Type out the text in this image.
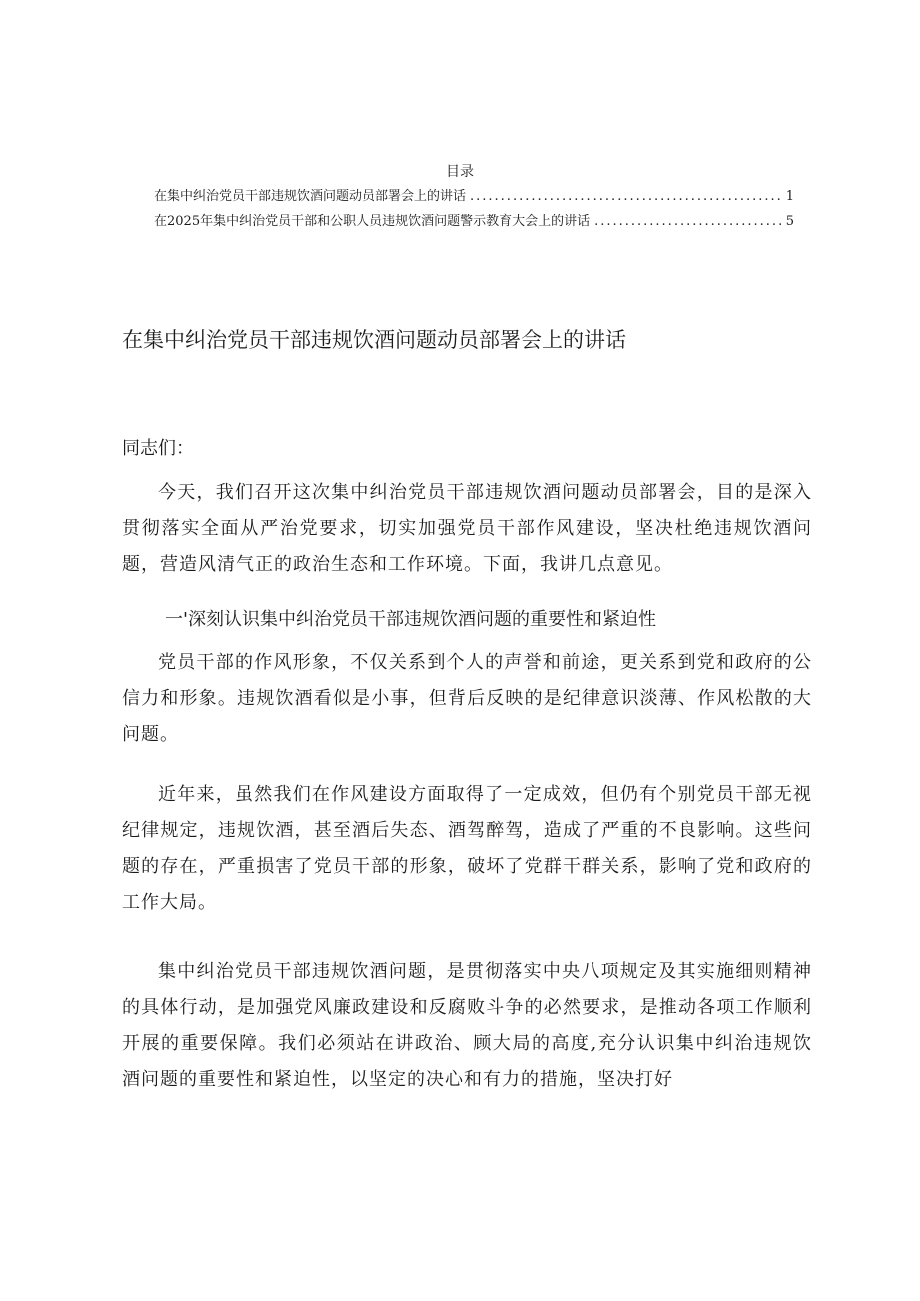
目录
在集中纠治党员干部违规饮酒问题动员部署会上的讲话 .....	1
在2025年集中纠治党员干部和公职人员违规饮酒问题警示教育大会上的讲话 .....	5
在集中纠治党员干部违规饮酒问题动员部署会上的讲话
同志们：

今天，我们召开这次集中纠治党员干部违规饮酒问题动员部署会，目的是深入贯彻落实全面从严治党要求，切实加强党员干部作风建设，坚决杜绝违规饮酒问题，营造风清气正的政治生态和工作环境。下面，我讲几点意见。

一'深刻认识集中纠治党员干部违规饮酒问题的重要性和紧迫性

党员干部的作风形象，不仅关系到个人的声誉和前途，更关系到党和政府的公信力和形象。违规饮酒看似是小事，但背后反映的是纪律意识淡薄、作风松散的大问题。

近年来，虽然我们在作风建设方面取得了一定成效，但仍有个别党员干部无视纪律规定，违规饮酒，甚至酒后失态、酒驾醉驾，造成了严重的不良影响。这些问题的存在，严重损害了党员干部的形象，破坏了党群干群关系，影响了党和政府的工作大局。

集中纠治党员干部违规饮酒问题，是贯彻落实中央八项规定及其实施细则精神的具体行动，是加强党风廉政建设和反腐败斗争的必然要求，是推动各项工作顺利开展的重要保障。我们必须站在讲政治、顾大局的高度,充分认识集中纠治违规饮酒问题的重要性和紧迫性，以坚定的决心和有力的措施，坚决打好
